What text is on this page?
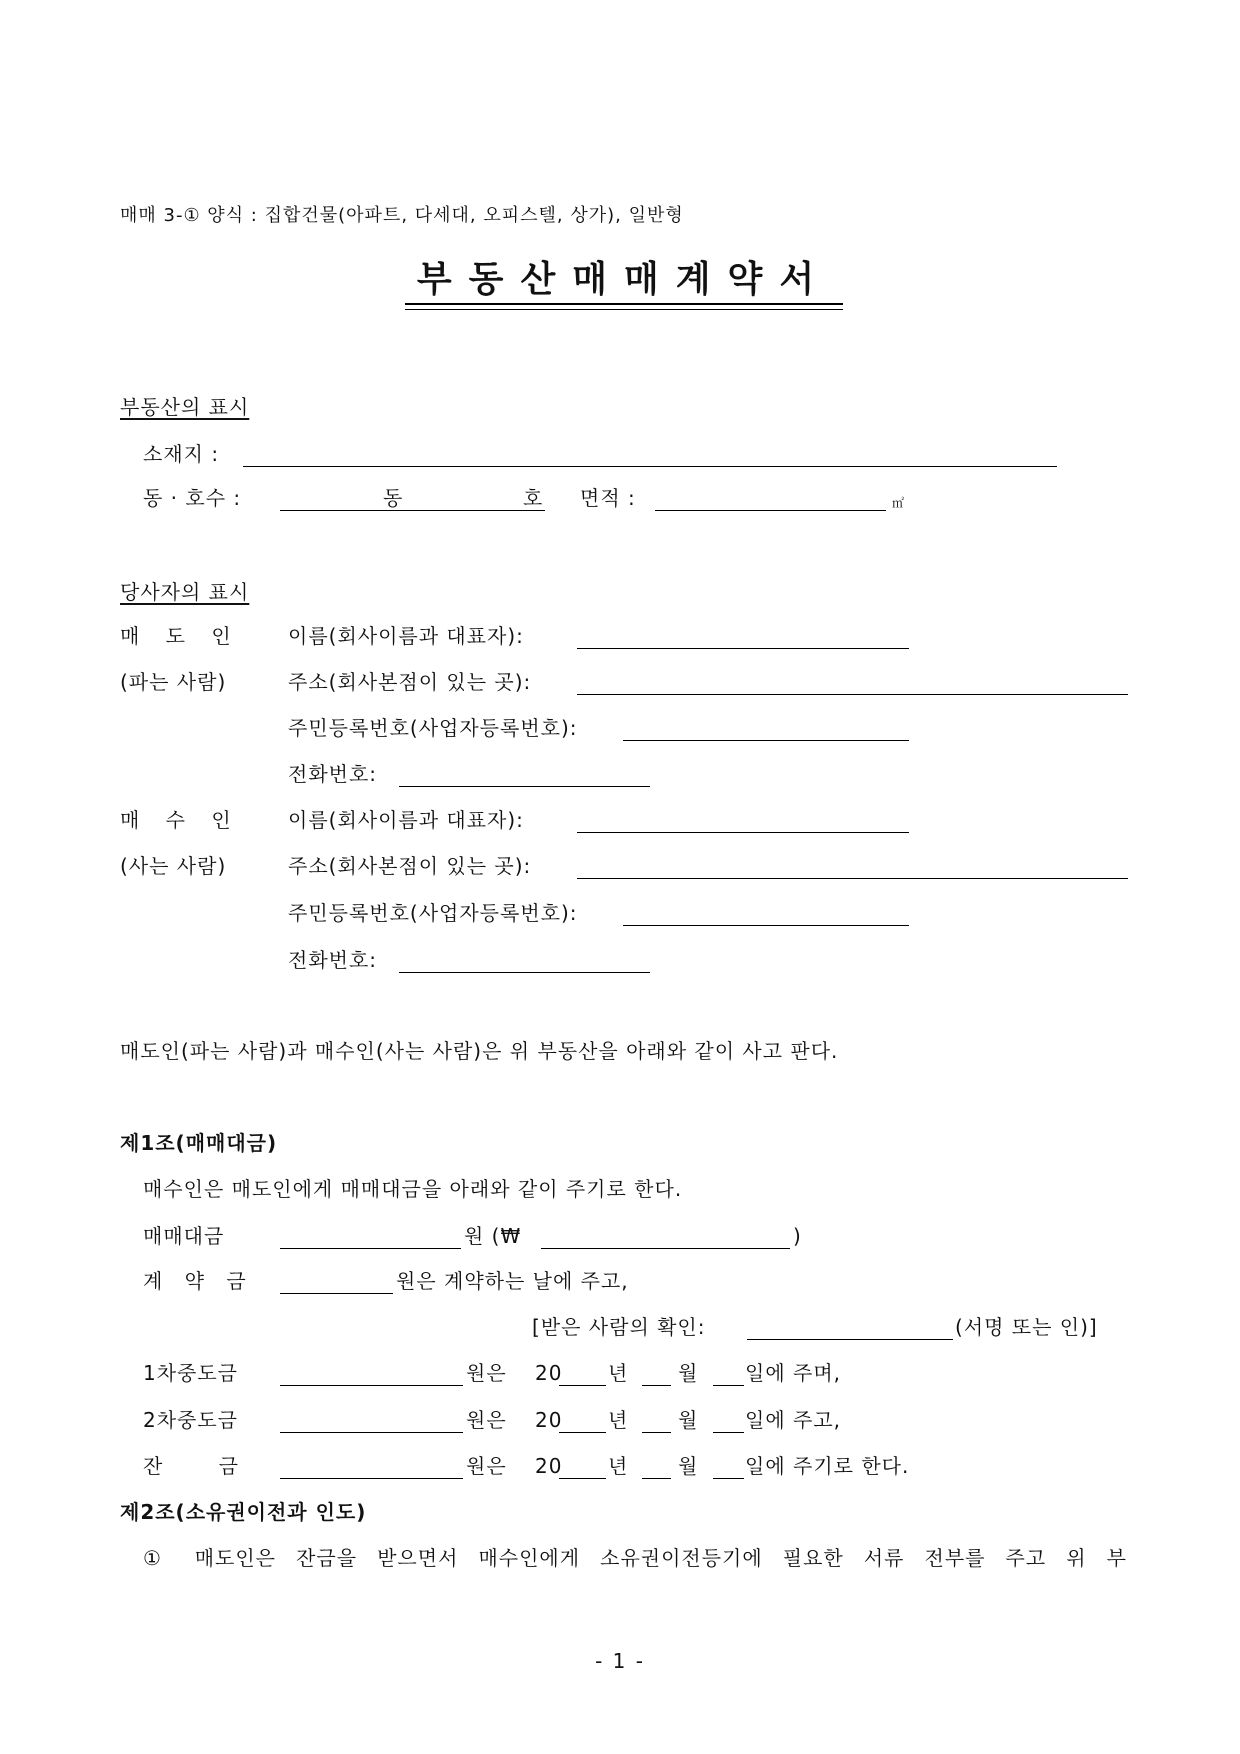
매매 3-① 양식 : 집합건물(아파트, 다세대, 오피스텔, 상가), 일반형
부동산매매계약서
부동산의 표시
소재지 :
동 · 호수 :	동	호 면적 :	㎡
당사자의 표시
매 도 인	이름(회사이름과 대표자):
(파는 사람)	주소(회사본점이 있는 곳):
주민등록번호(사업자등록번호):
전화번호:
매 수 인	이름(회사이름과 대표자):
(사는 사람)	주소(회사본점이 있는 곳):
주민등록번호(사업자등록번호):
전화번호:
매도인(파는 사람)과 매수인(사는 사람)은 위 부동산을 아래와 같이 사고 판다.
제1조(매매대금)
매수인은 매도인에게 매매대금을 아래와 같이 주기로 한다.
매매대금	원 (₩	)
계 약 금	원은 계약하는 날에 주고,
[받은 사람의 확인:	(서명 또는 인)]
1차중도금	원은 20 년 월 일에 주며,
2차중도금	원은 20 년 월 일에 주고,
잔 금	원은 20 년 월 일에 주기로 한다.
제2조(소유권이전과 인도)
① 매도인은 잔금을 받으면서 매수인에게 소유권이전등기에 필요한 서류 전부를 주고 위 부
- 1 -
